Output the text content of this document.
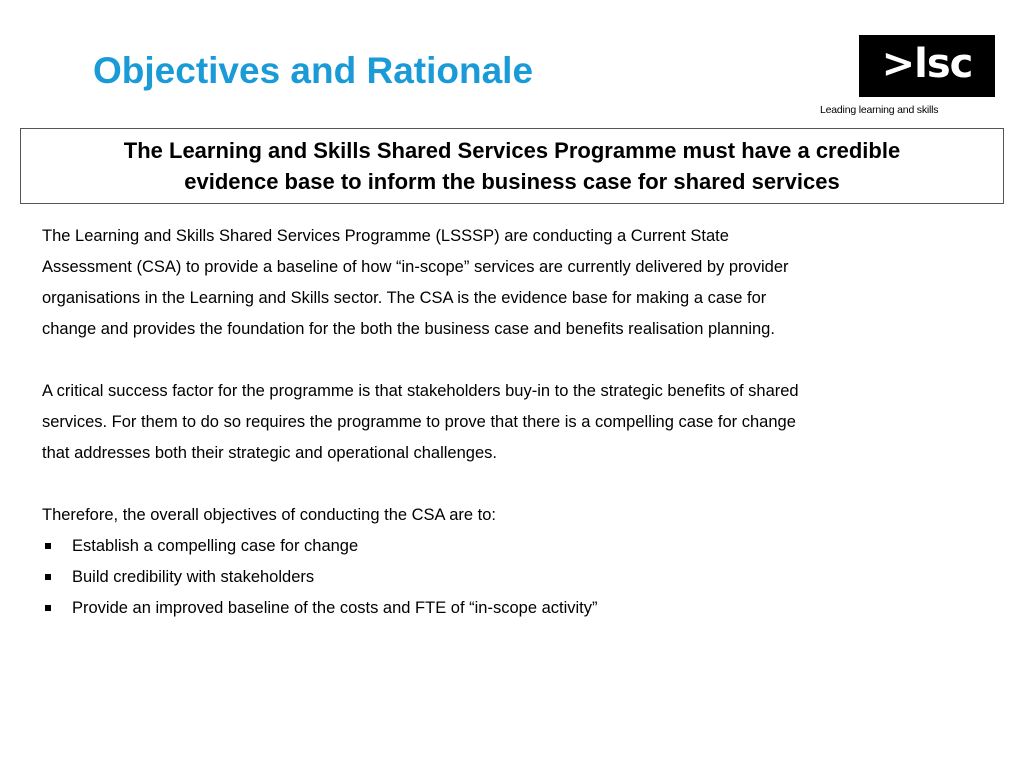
Objectives and Rationale	>lsc
Leading learning and skills
The Learning and Skills Shared Services Programme must have a credible
evidence base to inform the business case for shared services
The Learning and Skills Shared Services Programme (LSSSP) are conducting a Current State
Assessment (CSA) to provide a baseline of how “in-scope” services are currently delivered by provider
organisations in the Learning and Skills sector. The CSA is the evidence base for making a case for
change and provides the foundation for the both the business case and benefits realisation planning.
A critical success factor for the programme is that stakeholders buy-in to the strategic benefits of shared
services. For them to do so requires the programme to prove that there is a compelling case for change
that addresses both their strategic and operational challenges.
Therefore, the overall objectives of conducting the CSA are to:
Establish a compelling case for change
Build credibility with stakeholders
Provide an improved baseline of the costs and FTE of “in-scope activity”
